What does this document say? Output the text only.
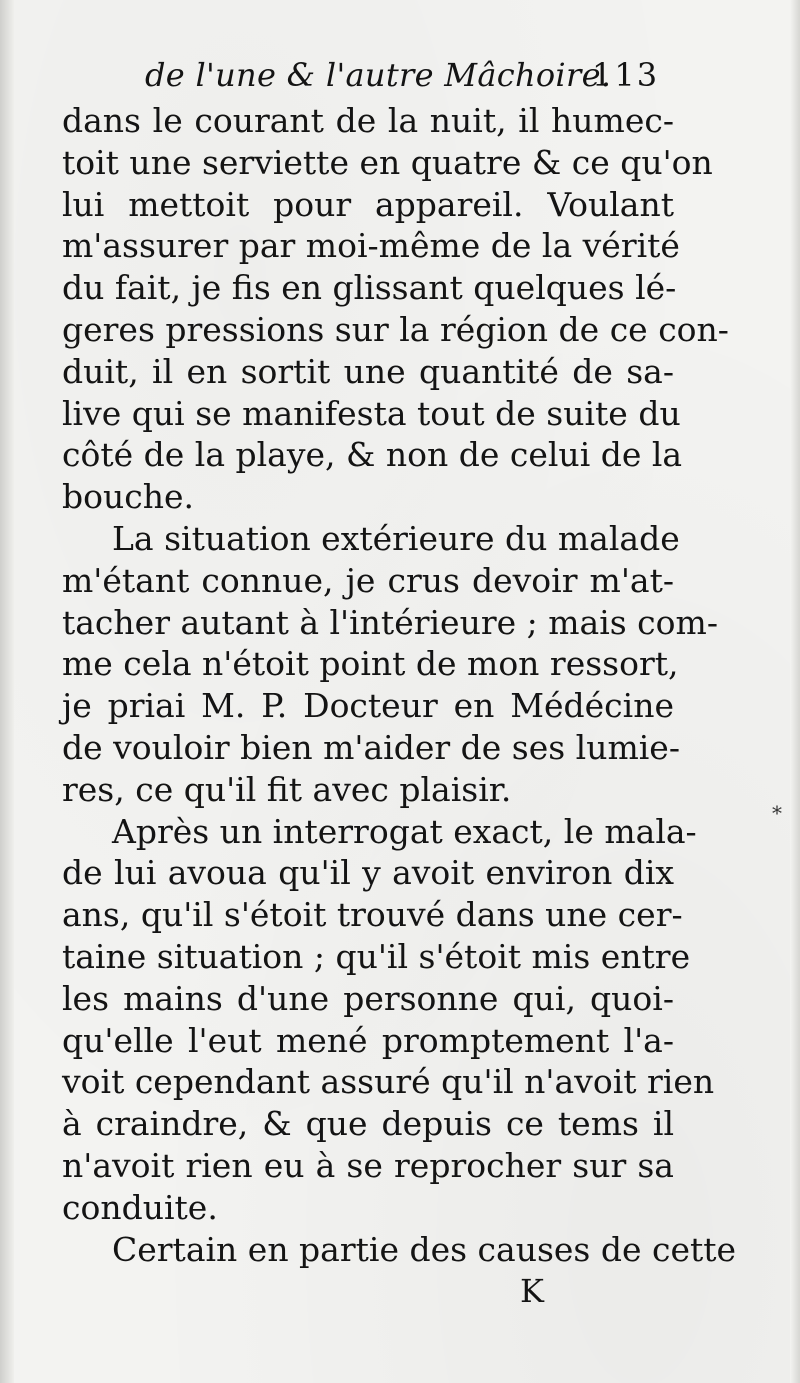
de l'une & l'autre Mâchoire.
113
dans le courant de la nuit, il humec-
toit une serviette en quatre & ce qu'on
lui mettoit pour appareil. Voulant
m'assurer par moi-même de la vérité
du fait, je fis en glissant quelques lé-
geres pressions sur la région de ce con-
duit, il en sortit une quantité de sa-
live qui se manifesta tout de suite du
côté de la playe, & non de celui de la
bouche.
La situation extérieure du malade
m'étant connue, je crus devoir m'at-
tacher autant à l'intérieure ; mais com-
me cela n'étoit point de mon ressort,
je priai M. P. Docteur en Médécine
de vouloir bien m'aider de ses lumie-
res, ce qu'il fit avec plaisir.
Après un interrogat exact, le mala-
de lui avoua qu'il y avoit environ dix
ans, qu'il s'étoit trouvé dans une cer-
taine situation ; qu'il s'étoit mis entre
les mains d'une personne qui, quoi-
qu'elle l'eut mené promptement l'a-
voit cependant assuré qu'il n'avoit rien
à craindre, & que depuis ce tems il
n'avoit rien eu à se reprocher sur sa
conduite.
Certain en partie des causes de cette
K
⁎
